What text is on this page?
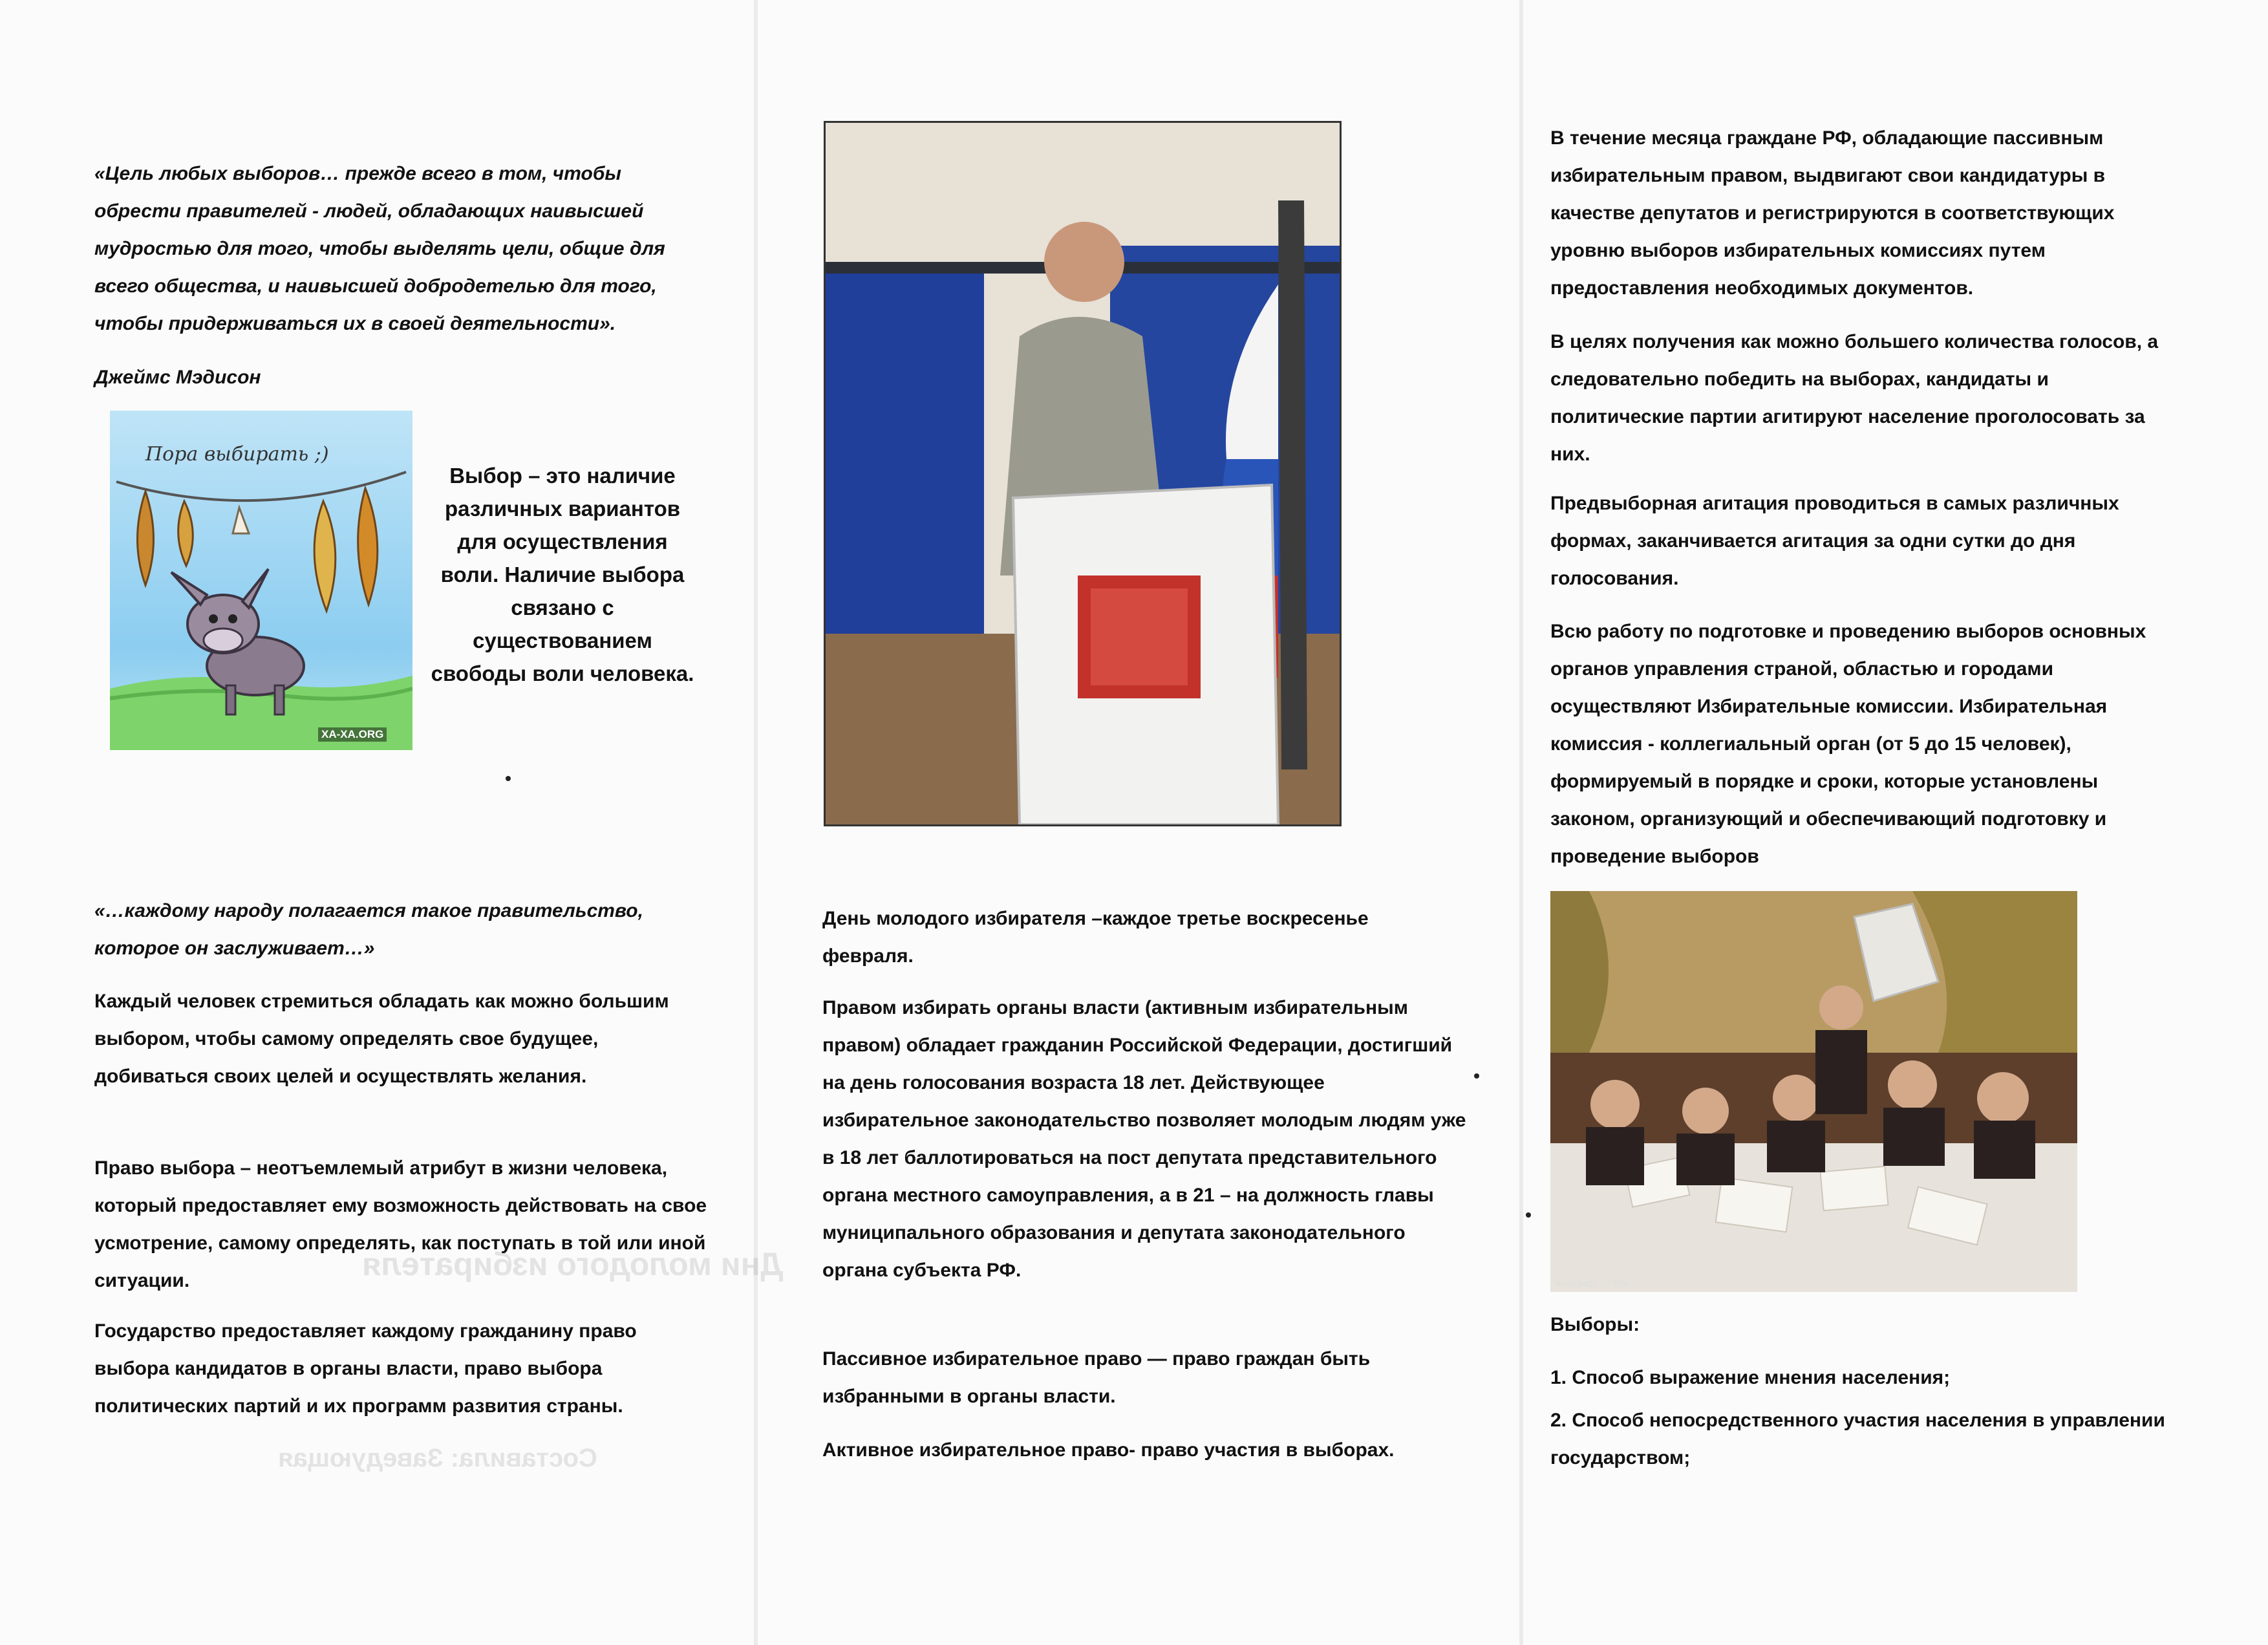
Дни молодого избирателя
Составила: Заведующая

«Цель любых выборов… прежде всего в том, чтобы обрести правителей - людей, обладающих наивысшей мудростью для того, чтобы выделять цели, общие для всего общества, и наивысшей добродетелью для того, чтобы придерживаться их в своей деятельности».

Джеймс Мэдисон

Пора выбирать ;)
XA-XA.ORG

Выбор – это наличие различных вариантов для осуществления воли. Наличие выбора связано с существованием свободы воли человека.

«…каждому народу полагается такое правительство, которое он заслуживает…»

Каждый человек стремиться обладать как можно большим выбором, чтобы самому определять свое будущее, добиваться своих целей и осуществлять желания.

Право выбора – неотъемлемый атрибут в жизни человека, который предоставляет ему возможность действовать на свое усмотрение, самому определять, как поступать в той или иной ситуации.

Государство предоставляет каждому гражданину право выбора кандидатов в органы власти, право выбора политических партий и их программ развития страны.

День молодого избирателя –каждое третье воскресенье февраля.

Правом избирать органы власти (активным избирательным правом) обладает гражданин Российской Федерации, достигший на день голосования возраста 18 лет. Действующее избирательное законодательство позволяет молодым людям уже в 18 лет баллотироваться на пост депутата представительного органа местного самоуправления, а в 21 – на должность главы муниципального образования и депутата законодательного органа субъекта РФ.

Пассивное избирательное право — право граждан быть избранными в органы власти.

Активное избирательное право- право участия в выборах.

В течение месяца граждане РФ, обладающие пассивным избирательным правом, выдвигают свои кандидатуры в качестве депутатов и регистрируются в соответствующих уровню выборов избирательных комиссиях путем предоставления необходимых документов.

В целях получения как можно большего количества голосов, а следовательно победить на выборах, кандидаты и политические партии агитируют население проголосовать за них.

Предвыборная агитация проводиться в самых различных формах, заканчивается агитация за одни сутки до дня голосования.

Всю работу по подготовке и проведению выборов основных органов управления страной, областью и городами осуществляют Избирательные комиссии. Избирательная комиссия - коллегиальный орган (от 5 до 15 человек), формируемый в порядке и сроки, которые установлены законом, организующий и обеспечивающий подготовку и проведение выборов

Фотограф: ... / ЕРА

Выборы:

1. Способ выражение мнения населения;

2. Способ непосредственного участия населения в управлении государством;
